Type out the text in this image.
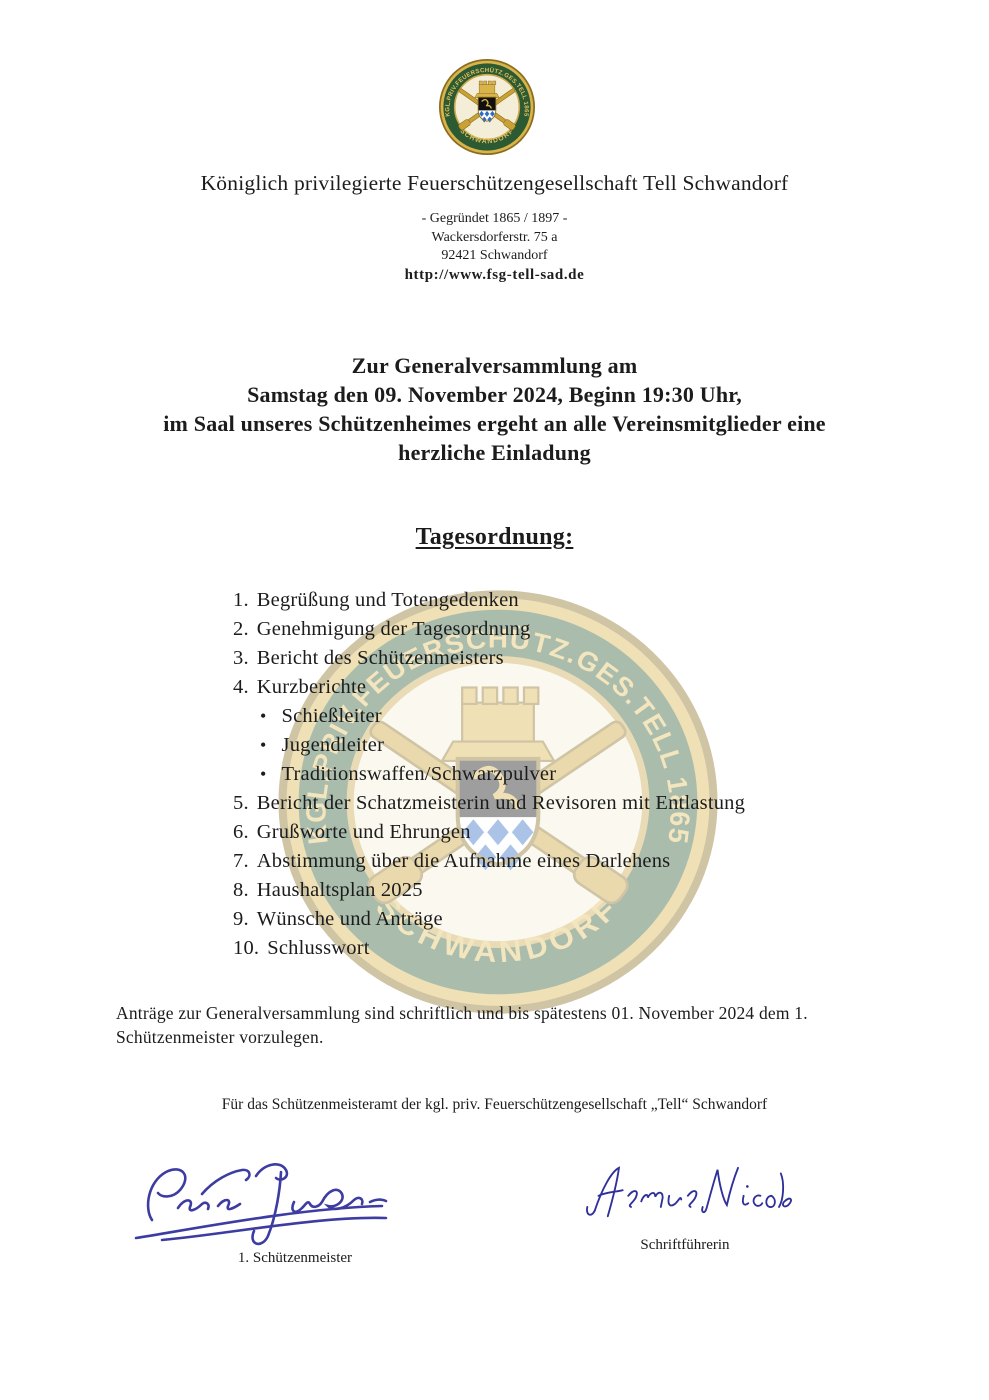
Königlich privilegierte Feuerschützengesellschaft Tell Schwandorf
- Gegründet 1865 / 1897 -
Wackersdorferstr. 75 a
92421 Schwandorf
http://www.fsg-tell-sad.de
Zur Generalversammlung am
Samstag den 09. November 2024, Beginn 19:30 Uhr,
im Saal unseres Schützenheimes ergeht an alle Vereinsmitglieder eine
herzliche Einladung
Tagesordnung:
1. Begrüßung und Totengedenken
2. Genehmigung der Tagesordnung
3. Bericht des Schützenmeisters
4. Kurzberichte
• Schießleiter
• Jugendleiter
• Traditionswaffen/Schwarzpulver
5. Bericht der Schatzmeisterin und Revisoren mit Entlastung
6. Grußworte und Ehrungen
7. Abstimmung über die Aufnahme eines Darlehens
8. Haushaltsplan 2025
9. Wünsche und Anträge
10. Schlusswort
Anträge zur Generalversammlung sind schriftlich und bis spätestens 01. November 2024 dem 1. Schützenmeister vorzulegen.
Für das Schützenmeisteramt der kgl. priv. Feuerschützengesellschaft „Tell“ Schwandorf
1. Schützenmeister
Schriftführerin
